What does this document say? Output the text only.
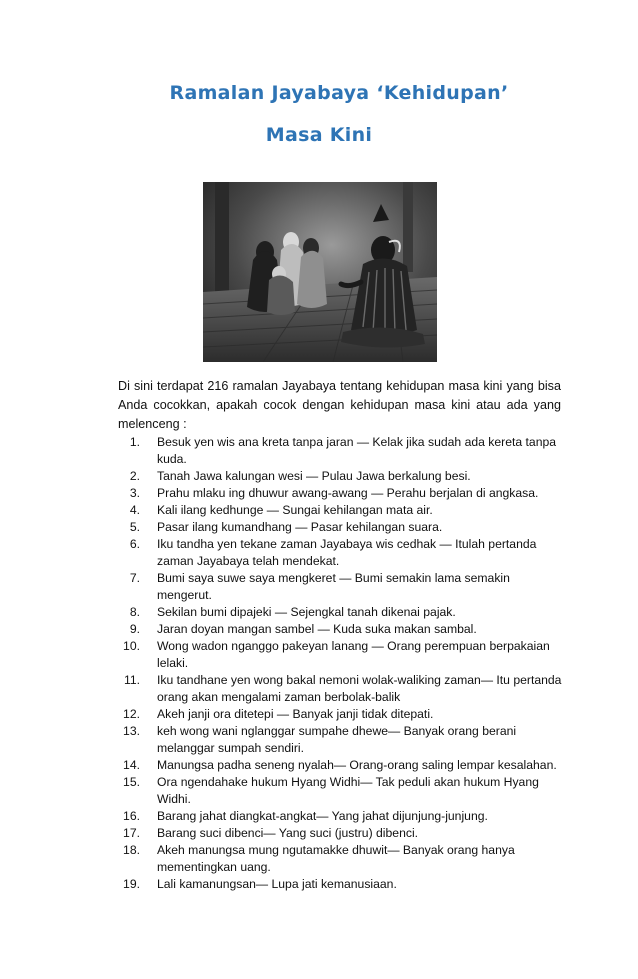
Ramalan Jayabaya ‘Kehidupan’
Masa Kini
Di sini terdapat 216 ramalan Jayabaya tentang kehidupan masa kini yang bisa Anda cocokkan, apakah cocok dengan kehidupan masa kini atau ada yang melenceng :
1. Besuk yen wis ana kreta tanpa jaran — Kelak jika sudah ada kereta tanpa kuda.
2. Tanah Jawa kalungan wesi — Pulau Jawa berkalung besi.
3. Prahu mlaku ing dhuwur awang-awang — Perahu berjalan di angkasa.
4. Kali ilang kedhunge — Sungai kehilangan mata air.
5. Pasar ilang kumandhang — Pasar kehilangan suara.
6. Iku tandha yen tekane zaman Jayabaya wis cedhak — Itulah pertanda zaman Jayabaya telah mendekat.
7. Bumi saya suwe saya mengkeret — Bumi semakin lama semakin mengerut.
8. Sekilan bumi dipajeki — Sejengkal tanah dikenai pajak.
9. Jaran doyan mangan sambel — Kuda suka makan sambal.
10. Wong wadon nganggo pakeyan lanang — Orang perempuan berpakaian lelaki.
11. Iku tandhane yen wong bakal nemoni wolak-waliking zaman— Itu pertanda orang akan mengalami zaman berbolak-balik
12. Akeh janji ora ditetepi — Banyak janji tidak ditepati.
13. keh wong wani nglanggar sumpahe dhewe— Banyak orang berani melanggar sumpah sendiri.
14. Manungsa padha seneng nyalah— Orang-orang saling lempar kesalahan.
15. Ora ngendahake hukum Hyang Widhi— Tak peduli akan hukum Hyang Widhi.
16. Barang jahat diangkat-angkat— Yang jahat dijunjung-junjung.
17. Barang suci dibenci— Yang suci (justru) dibenci.
18. Akeh manungsa mung ngutamakke dhuwit— Banyak orang hanya mementingkan uang.
19. Lali kamanungsan— Lupa jati kemanusiaan.
